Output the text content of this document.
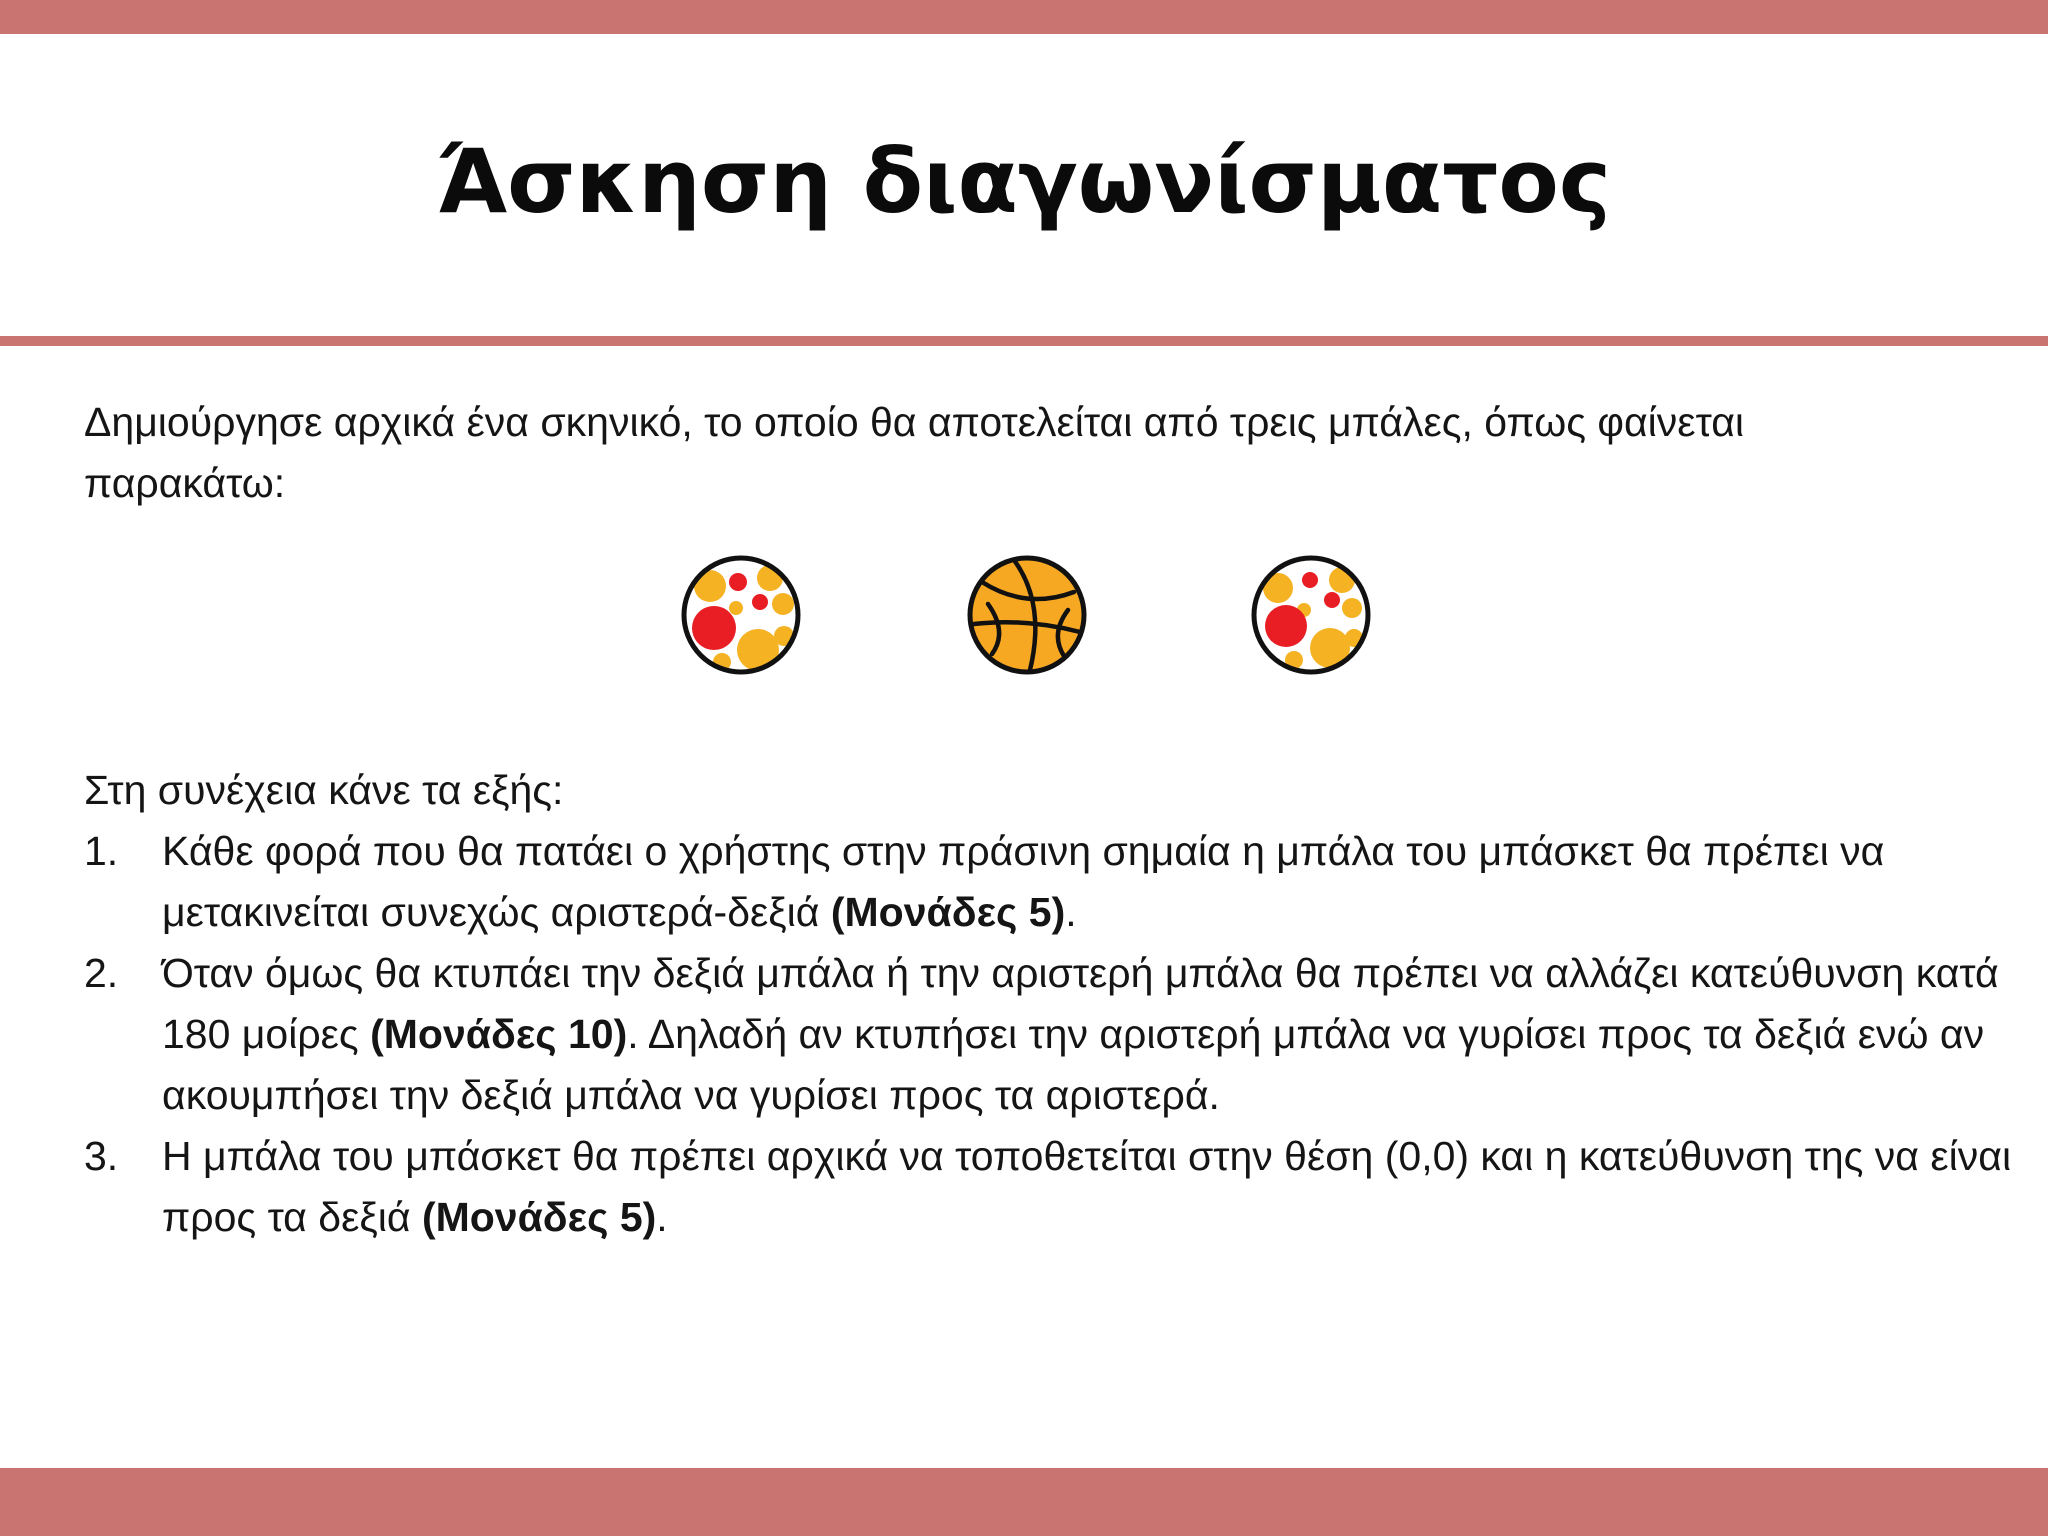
Άσκηση διαγωνίσματος

Δημιούργησε αρχικά ένα σκηνικό, το οποίο θα αποτελείται από τρεις μπάλες, όπως φαίνεται παρακάτω:

Στη συνέχεια κάνε τα εξής:

1. Κάθε φορά που θα πατάει ο χρήστης στην πράσινη σημαία η μπάλα του μπάσκετ θα πρέπει να μετακινείται συνεχώς αριστερά-δεξιά (Μονάδες 5).
2. Όταν όμως θα κτυπάει την δεξιά μπάλα ή την αριστερή μπάλα θα πρέπει να αλλάζει κατεύθυνση κατά 180 μοίρες (Μονάδες 10). Δηλαδή αν κτυπήσει την αριστερή μπάλα να γυρίσει προς τα δεξιά ενώ αν ακουμπήσει την δεξιά μπάλα να γυρίσει προς τα αριστερά.
3. Η μπάλα του μπάσκετ θα πρέπει αρχικά να τοποθετείται στην θέση (0,0) και η κατεύθυνση της να είναι προς τα δεξιά (Μονάδες 5).
